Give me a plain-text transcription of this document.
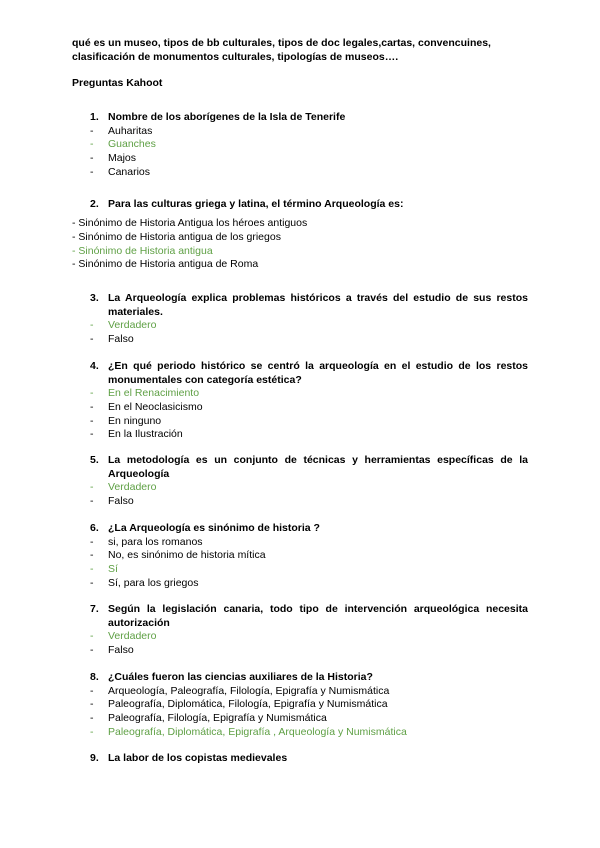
qué es un museo, tipos de bb culturales, tipos de doc legales,cartas, convencuines, clasificación de monumentos culturales, tipologías de museos….
Preguntas Kahoot
1. Nombre de los aborígenes de la Isla de Tenerife
-	Auharitas
-	Guanches
-	Majos
-	Canarios
2. Para las culturas griega y latina, el término Arqueología es:
- Sinónimo de Historia Antigua los héroes antiguos
- Sinónimo de Historia antigua de los griegos
- Sinónimo de Historia antigua
- Sinónimo de Historia antigua de Roma
3. La Arqueología explica problemas históricos a través del estudio de sus restos materiales.
-	Verdadero
-	Falso
4. ¿En qué periodo histórico se centró la arqueología en el estudio de los restos monumentales con categoría estética?
-	En el Renacimiento
-	En el Neoclasicismo
-	En ninguno
-	En la Ilustración
5. La metodología es un conjunto de técnicas y herramientas específicas de la Arqueología
-	Verdadero
-	Falso
6. ¿La Arqueología es sinónimo de historia ?
-	si, para los romanos
-	No, es sinónimo de historia mítica
-	Sí
-	Sí, para los griegos
7. Según la legislación canaria, todo tipo de intervención arqueológica necesita autorización
-	Verdadero
-	Falso
8. ¿Cuáles fueron las ciencias auxiliares de la Historia?
-	Arqueología, Paleografía, Filología, Epigrafía y Numismática
-	Paleografía, Diplomática, Filología, Epigrafía y Numismática
-	Paleografía, Filología, Epigrafía y Numismática
-	Paleografía, Diplomática, Epigrafía , Arqueología y Numismática
9. La labor de los copistas medievales
